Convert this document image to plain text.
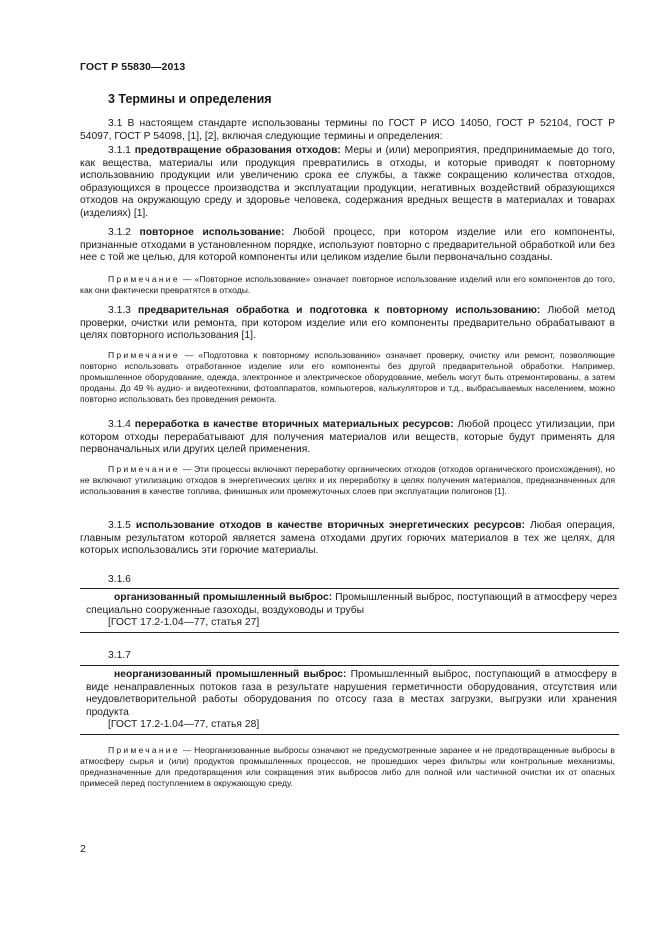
ГОСТ Р 55830—2013
3 Термины и определения

3.1 В настоящем стандарте использованы термины по ГОСТ Р ИСО 14050, ГОСТ Р 52104, ГОСТ Р 54097, ГОСТ Р 54098, [1], [2], включая следующие термины и определения:

3.1.1 предотвращение образования отходов: Меры и (или) мероприятия, предпринимаемые до того, как вещества, материалы или продукция превратились в отходы, и которые приводят к повторному использованию продукции или увеличению срока ее службы, а также сокращению количества отходов, образующихся в процессе производства и эксплуатации продукции, негативных воздействий образующихся отходов на окружающую среду и здоровье человека, содержания вредных веществ в материалах и товарах (изделиях) [1].

3.1.2 повторное использование: Любой процесс, при котором изделие или его компоненты, признанные отходами в установленном порядке, используют повторно с предварительной обработкой или без нее с той же целью, для которой компоненты или целиком изделие были первоначально созданы.

Примечание — «Повторное использование» означает повторное использование изделий или его компонентов до того, как они фактически превратятся в отходы.

3.1.3 предварительная обработка и подготовка к повторному использованию: Любой метод проверки, очистки или ремонта, при котором изделие или его компоненты предварительно обрабатывают в целях повторного использования [1].

Примечание — «Подготовка к повторному использованию» означает проверку, очистку или ремонт, позволяющие повторно использовать отработанное изделие или его компоненты без другой предварительной обработки. Например, промышленное оборудование, одежда, электронное и электрическое оборудование, мебель могут быть отремонтированы, а затем проданы. До 49 % аудио- и видеотехники, фотоаппаратов, компьютеров, калькуляторов и т.д., выбрасываемых населением, можно повторно использовать без проведения ремонта.

3.1.4 переработка в качестве вторичных материальных ресурсов: Любой процесс утилизации, при котором отходы перерабатывают для получения материалов или веществ, которые будут применять для первоначальных или других целей применения.

Примечание — Эти процессы включают переработку органических отходов (отходов органического происхождения), но не включают утилизацию отходов в энергетических целях и их переработку в целях получения материалов, предназначенных для использования в качестве топлива, финишных или промежуточных слоев при эксплуатации полигонов [1].

3.1.5 использование отходов в качестве вторичных энергетических ресурсов: Любая операция, главным результатом которой является замена отходами других горючих материалов в тех же целях, для которых использовались эти горючие материалы.

3.1.6

организованный промышленный выброс: Промышленный выброс, поступающий в атмосферу через специально сооруженные газоходы, воздуховоды и трубы

[ГОСТ 17.2-1.04—77, статья 27]
3.1.7

неорганизованный промышленный выброс: Промышленный выброс, поступающий в атмосферу в виде ненаправленных потоков газа в результате нарушения герметичности оборудования, отсутствия или неудовлетворительной работы оборудования по отсосу газа в местах загрузки, выгрузки или хранения продукта

[ГОСТ 17.2-1.04—77, статья 28]

Примечание — Неорганизованные выбросы означают не предусмотренные заранее и не предотвращенные выбросы в атмосферу сырья и (или) продуктов промышленных процессов, не прошедших через фильтры или контрольные механизмы, предназначенные для предотвращения или сокращения этих выбросов либо для полной или частичной очистки их от опасных примесей перед поступлением в окружающую среду.

2
